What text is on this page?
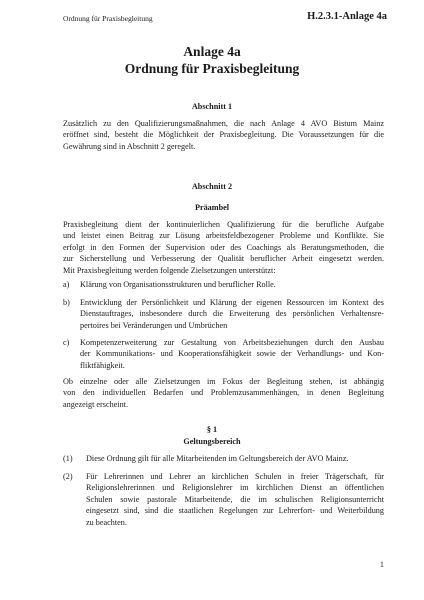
Ordnung für Praxisbegleitung	H.2.3.1-Anlage 4a
Anlage 4a
Ordnung für Praxisbegleitung
Abschnitt 1
Zusätzlich zu den Qualifizierungsmaßnahmen, die nach Anlage 4 AVO Bistum Mainz
eröffnet sind, besteht die Möglichkeit der Praxisbegleitung. Die Voraussetzungen für die
Gewährung sind in Abschnitt 2 geregelt.
Abschnitt 2
Präambel
Praxisbegleitung dient der kontinuierlichen Qualifizierung für die berufliche Aufgabe
und leistet einen Beitrag zur Lösung arbeitsfeldbezogener Probleme und Konflikte. Sie
erfolgt in den Formen der Supervision oder des Coachings als Beratungsmethoden, die
zur Sicherstellung und Verbesserung der Qualität beruflicher Arbeit eingesetzt werden.
Mit Praxisbegleitung werden folgende Zielsetzungen unterstützt:
a) Klärung von Organisationsstrukturen und beruflicher Rolle.
b) Entwicklung der Persönlichkeit und Klärung der eigenen Ressourcen im Kontext des
Dienstauftrages, insbesondere durch die Erweiterung des persönlichen Verhaltensre-
pertoires bei Veränderungen und Umbrüchen
c) Kompetenzerweiterung zur Gestaltung von Arbeitsbeziehungen durch den Ausbau
der Kommunikations- und Kooperationsfähigkeit sowie der Verhandlungs- und Kon-
fliktfähigkeit.
Ob einzelne oder alle Zielsetzungen im Fokus der Begleitung stehen, ist abhängig
von den individuellen Bedarfen und Problemzusammenhängen, in denen Begleitung
angezeigt erscheint.
§ 1
Geltungsbereich
(1) Diese Ordnung gilt für alle Mitarbeitenden im Geltungsbereich der AVO Mainz.
(2) Für Lehrerinnen und Lehrer an kirchlichen Schulen in freier Trägerschaft, für
Religionslehrerinnen und Religionslehrer im kirchlichen Dienst an öffentlichen
Schulen sowie pastorale Mitarbeitende, die im schulischen Religionsunterricht
eingesetzt sind, sind die staatlichen Regelungen zur Lehrerfort- und Weiterbildung
zu beachten.
1
